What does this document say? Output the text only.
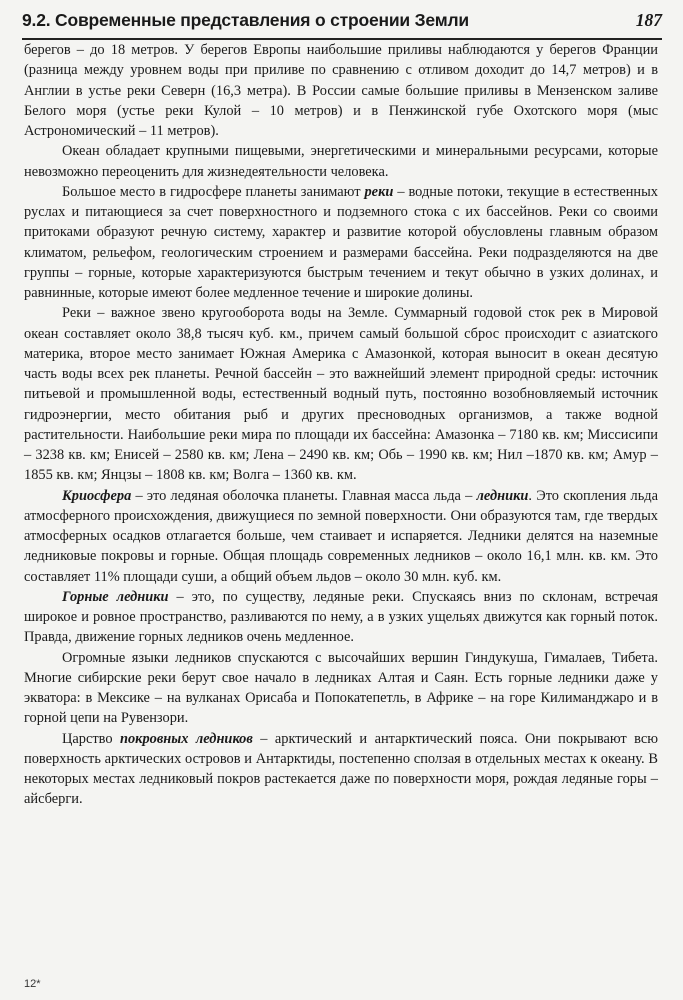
9.2. Современные представления о строении Земли	187

берегов – до 18 метров. У берегов Европы наибольшие приливы наблюдаются у берегов Франции (разница между уровнем воды при приливе по сравнению с отливом доходит до 14,7 метров) и в Англии в устье реки Северн (16,3 метра). В России самые большие приливы в Мензенском заливе Белого моря (устье реки Кулой – 10 метров) и в Пенжинской губе Охотского моря (мыс Астрономический – 11 метров).

Океан обладает крупными пищевыми, энергетическими и минеральными ресурсами, которые невозможно переоценить для жизнедеятельности человека.

Большое место в гидросфере планеты занимают реки – водные потоки, текущие в естественных руслах и питающиеся за счет поверхностного и подземного стока с их бассейнов. Реки со своими притоками образуют речную систему, характер и развитие которой обусловлены главным образом климатом, рельефом, геологическим строением и размерами бассейна. Реки подразделяются на две группы – горные, которые характеризуются быстрым течением и текут обычно в узких долинах, и равнинные, которые имеют более медленное течение и широкие долины.

Реки – важное звено кругооборота воды на Земле. Суммарный годовой сток рек в Мировой океан составляет около 38,8 тысяч куб. км., причем самый большой сброс происходит с азиатского материка, второе место занимает Южная Америка с Амазонкой, которая выносит в океан десятую часть воды всех рек планеты. Речной бассейн – это важнейший элемент природной среды: источник питьевой и промышленной воды, естественный водный путь, постоянно возобновляемый источник гидроэнергии, место обитания рыб и других пресноводных организмов, а также водной растительности. Наибольшие реки мира по площади их бассейна: Амазонка – 7180 кв. км; Миссисипи – 3238 кв. км; Енисей – 2580 кв. км; Лена – 2490 кв. км; Обь – 1990 кв. км; Нил –1870 кв. км; Амур – 1855 кв. км; Янцзы – 1808 кв. км; Волга – 1360 кв. км.

Криосфера – это ледяная оболочка планеты. Главная масса льда – ледники. Это скопления льда атмосферного происхождения, движущиеся по земной поверхности. Они образуются там, где твердых атмосферных осадков отлагается больше, чем стаивает и испаряется. Ледники делятся на наземные ледниковые покровы и горные. Общая площадь современных ледников – около 16,1 млн. кв. км. Это составляет 11% площади суши, а общий объем льдов – около 30 млн. куб. км.

Горные ледники – это, по существу, ледяные реки. Спускаясь вниз по склонам, встречая широкое и ровное пространство, разливаются по нему, а в узких ущельях движутся как горный поток. Правда, движение горных ледников очень медленное.

Огромные языки ледников спускаются с высочайших вершин Гиндукуша, Гималаев, Тибета. Многие сибирские реки берут свое начало в ледниках Алтая и Саян. Есть горные ледники даже у экватора: в Мексике – на вулканах Орисаба и Попокатепетль, в Африке – на горе Килиманджаро и в горной цепи на Рувензори.

Царство покровных ледников – арктический и антарктический пояса. Они покрывают всю поверхность арктических островов и Антарктиды, постепенно сползая в отдельных местах к океану. В некоторых местах ледниковый покров растекается даже по поверхности моря, рождая ледяные горы – айсберги.

12*
